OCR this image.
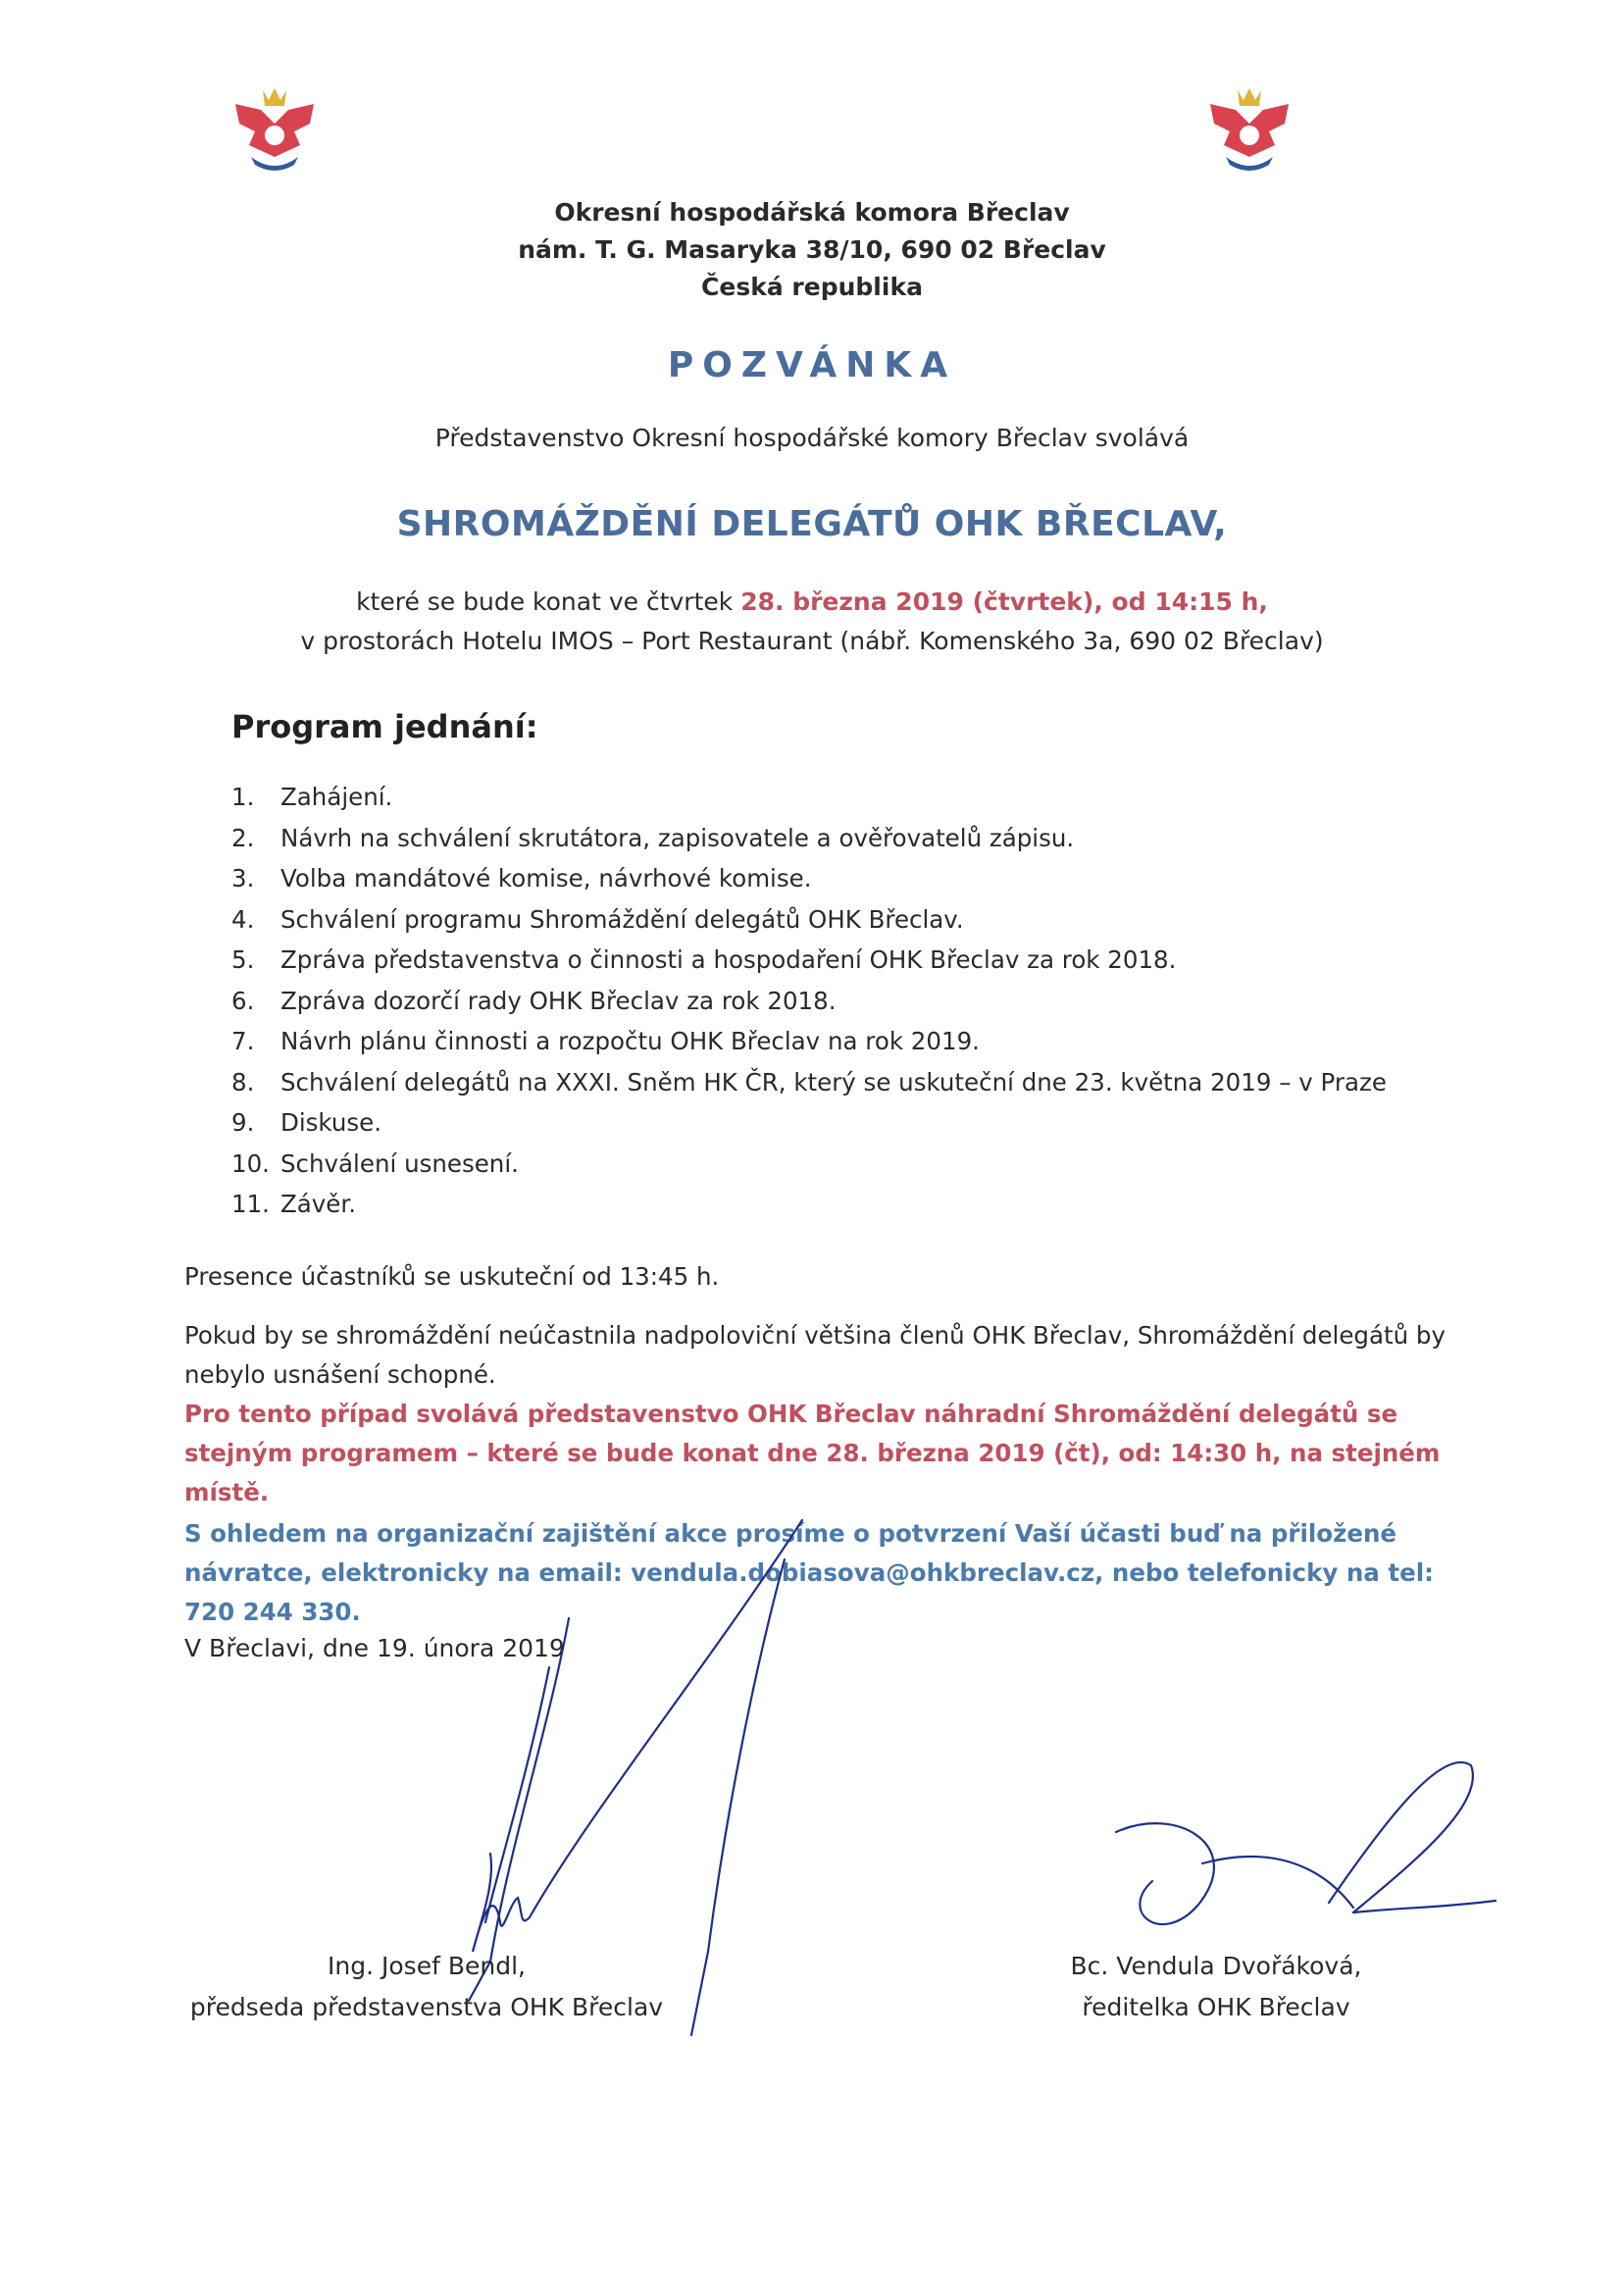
Okresní hospodářská komora Břeclav
nám. T. G. Masaryka 38/10, 690 02 Břeclav
Česká republika
POZVÁNKA
Představenstvo Okresní hospodářské komory Břeclav svolává
SHROMÁŽDĚNÍ DELEGÁTŮ OHK BŘECLAV,
které se bude konat ve čtvrtek 28. března 2019 (čtvrtek), od 14:15 h,
v prostorách Hotelu IMOS – Port Restaurant (nábř. Komenského 3a, 690 02 Břeclav)
Program jednání:
1. Zahájení.
2. Návrh na schválení skrutátora, zapisovatele a ověřovatelů zápisu.
3. Volba mandátové komise, návrhové komise.
4. Schválení programu Shromáždění delegátů OHK Břeclav.
5. Zpráva představenstva o činnosti a hospodaření OHK Břeclav za rok 2018.
6. Zpráva dozorčí rady OHK Břeclav za rok 2018.
7. Návrh plánu činnosti a rozpočtu OHK Břeclav na rok 2019.
8. Schválení delegátů na XXXI. Sněm HK ČR, který se uskuteční dne 23. května 2019 – v Praze
9. Diskuse.
10. Schválení usnesení.
11. Závěr.
Presence účastníků se uskuteční od 13:45 h.
Pokud by se shromáždění neúčastnila nadpoloviční většina členů OHK Břeclav, Shromáždění delegátů by nebylo usnášení schopné.
Pro tento případ svolává představenstvo OHK Břeclav náhradní Shromáždění delegátů se stejným programem – které se bude konat dne 28. března 2019 (čt), od: 14:30 h, na stejném místě.
S ohledem na organizační zajištění akce prosíme o potvrzení Vaší účasti buď na přiložené návratce, elektronicky na email: vendula.dobiasova@ohkbreclav.cz, nebo telefonicky na tel: 720 244 330.
V Břeclavi, dne 19. února 2019
Ing. Josef Bendl,
předseda představenstva OHK Břeclav
Bc. Vendula Dvořáková,
ředitelka OHK Břeclav
